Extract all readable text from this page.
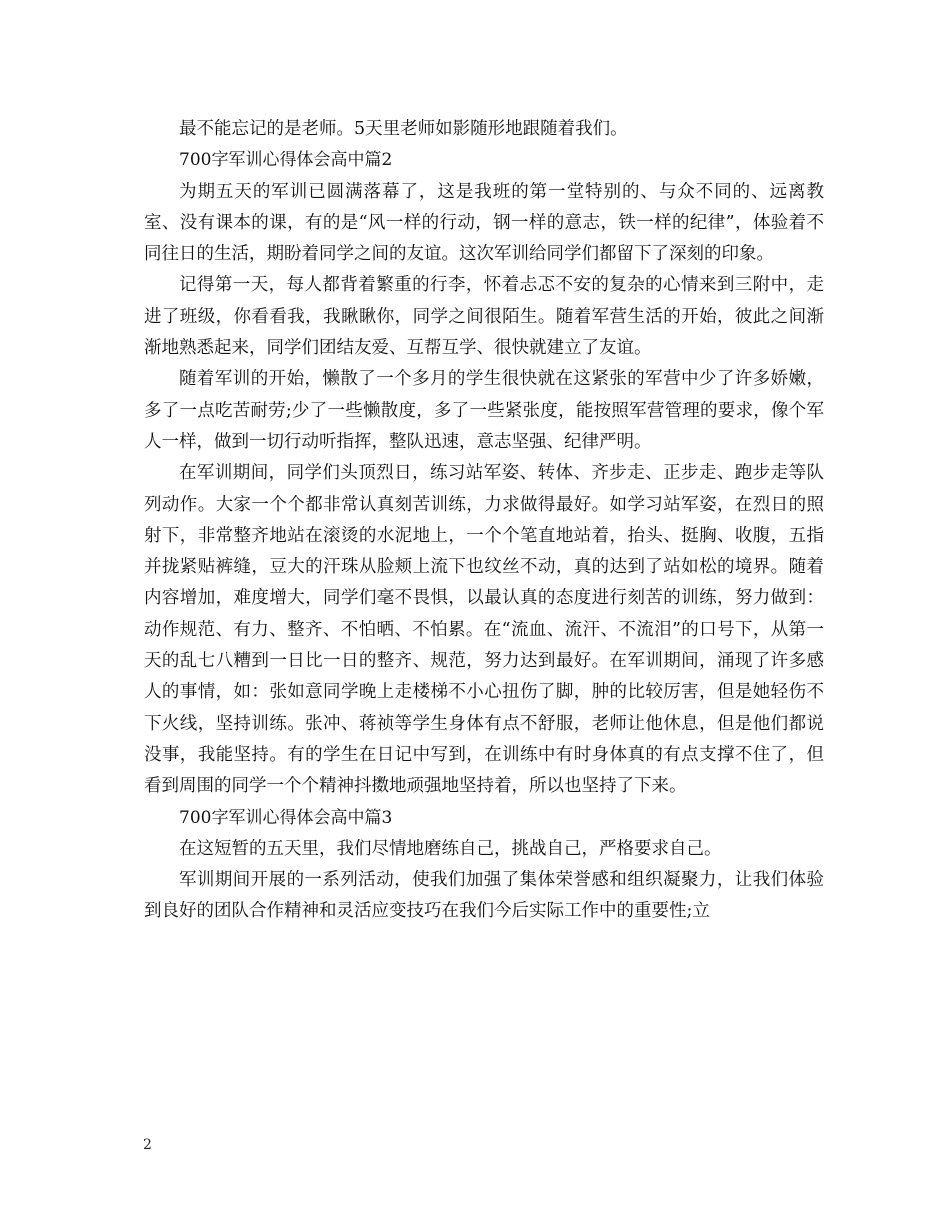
最不能忘记的是老师。5天里老师如影随形地跟随着我们。

700字军训心得体会高中篇2

为期五天的军训已圆满落幕了，这是我班的第一堂特别的、与众不同的、远离教室、没有课本的课，有的是“风一样的行动，钢一样的意志，铁一样的纪律”，体验着不同往日的生活，期盼着同学之间的友谊。这次军训给同学们都留下了深刻的印象。

记得第一天，每人都背着繁重的行李，怀着忐忑不安的复杂的心情来到三附中，走进了班级，你看看我，我瞅瞅你，同学之间很陌生。随着军营生活的开始，彼此之间渐渐地熟悉起来，同学们团结友爱、互帮互学、很快就建立了友谊。

随着军训的开始，懒散了一个多月的学生很快就在这紧张的军营中少了许多娇嫩，多了一点吃苦耐劳;少了一些懒散度，多了一些紧张度，能按照军营管理的要求，像个军人一样，做到一切行动听指挥，整队迅速，意志坚强、纪律严明。

在军训期间，同学们头顶烈日，练习站军姿、转体、齐步走、正步走、跑步走等队列动作。大家一个个都非常认真刻苦训练，力求做得最好。如学习站军姿，在烈日的照射下，非常整齐地站在滚烫的水泥地上，一个个笔直地站着，抬头、挺胸、收腹，五指并拢紧贴裤缝，豆大的汗珠从脸颊上流下也纹丝不动，真的达到了站如松的境界。随着内容增加，难度增大，同学们毫不畏惧，以最认真的态度进行刻苦的训练，努力做到：动作规范、有力、整齐、不怕晒、不怕累。在“流血、流汗、不流泪”的口号下，从第一天的乱七八糟到一日比一日的整齐、规范，努力达到最好。在军训期间，涌现了许多感人的事情，如：张如意同学晚上走楼梯不小心扭伤了脚，肿的比较厉害，但是她轻伤不下火线，坚持训练。张冲、蒋祯等学生身体有点不舒服，老师让他休息，但是他们都说没事，我能坚持。有的学生在日记中写到，在训练中有时身体真的有点支撑不住了，但看到周围的同学一个个精神抖擞地顽强地坚持着，所以也坚持了下来。

700字军训心得体会高中篇3

在这短暂的五天里，我们尽情地磨练自己，挑战自己，严格要求自己。

军训期间开展的一系列活动，使我们加强了集体荣誉感和组织凝聚力，让我们体验到良好的团队合作精神和灵活应变技巧在我们今后实际工作中的重要性;立

2
